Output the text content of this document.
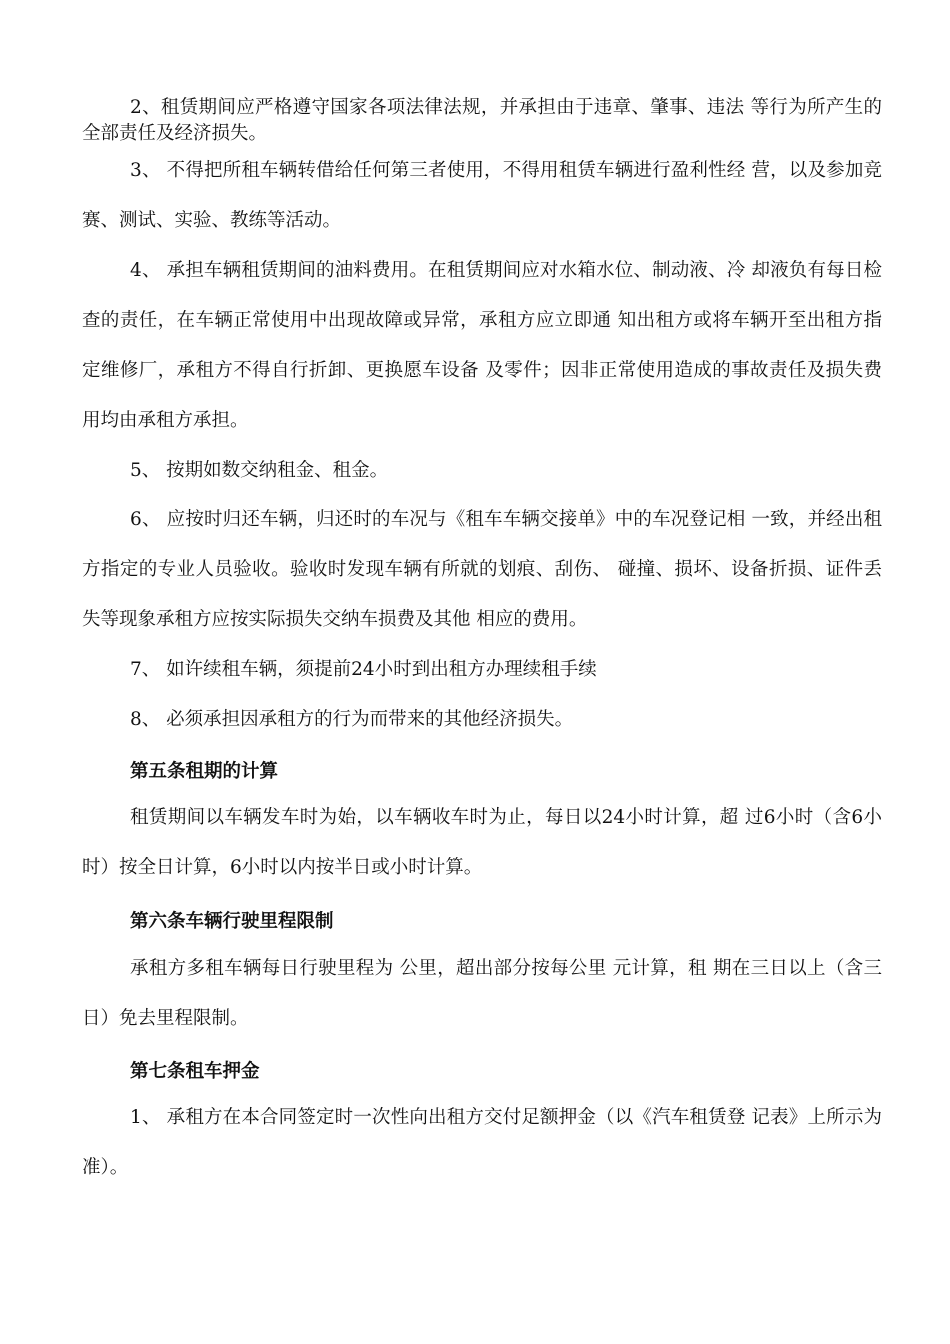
2、租赁期间应严格遵守国家各项法律法规，并承担由于违章、肇事、违法 等行为所产生的全部责任及经济损失。
3、 不得把所租车辆转借给任何第三者使用，不得用租赁车辆进行盈利性经 营，以及参加竞赛、测试、实验、教练等活动。
4、 承担车辆租赁期间的油料费用。在租赁期间应对水箱水位、制动液、冷 却液负有每日检查的责任，在车辆正常使用中出现故障或异常，承租方应立即通 知出租方或将车辆开至出租方指定维修厂，承租方不得自行折卸、更换愿车设备 及零件；因非正常使用造成的事故责任及损失费用均由承租方承担。
5、 按期如数交纳租金、租金。
6、 应按时归还车辆，归还时的车况与《租车车辆交接单》中的车况登记相 一致，并经出租方指定的专业人员验收。验收时发现车辆有所就的划痕、刮伤、 碰撞、损坏、设备折损、证件丢失等现象承租方应按实际损失交纳车损费及其他 相应的费用。
7、 如许续租车辆，须提前24小时到出租方办理续租手续
8、 必须承担因承租方的行为而带来的其他经济损失。
第五条租期的计算
租赁期间以车辆发车时为始，以车辆收车时为止，每日以24小时计算，超 过6小时（含6小时）按全日计算，6小时以内按半日或小时计算。
第六条车辆行驶里程限制
承租方多租车辆每日行驶里程为 公里，超出部分按每公里 元计算，租 期在三日以上（含三日）免去里程限制。
第七条租车押金
1、 承租方在本合同签定时一次性向出租方交付足额押金（以《汽车租赁登 记表》上所示为准）。
